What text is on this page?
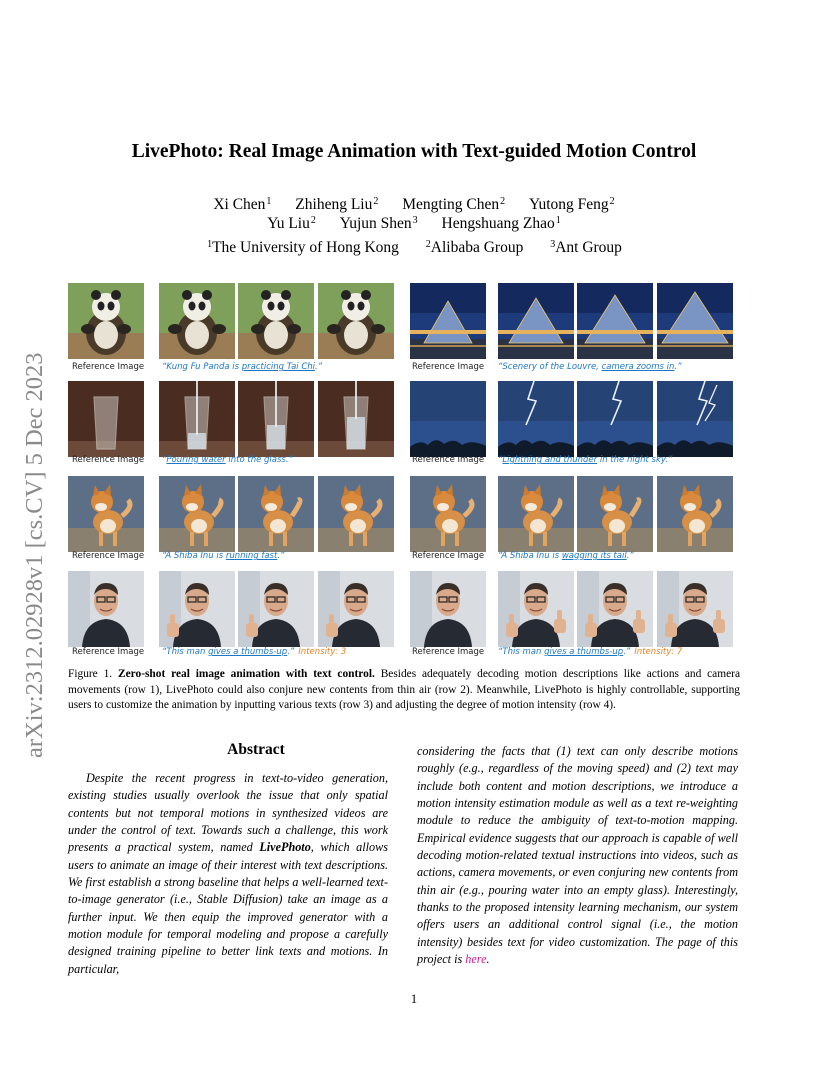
arXiv:2312.02928v1 [cs.CV] 5 Dec 2023
LivePhoto: Real Image Animation with Text-guided Motion Control
Xi Chen$^1$ Zhiheng Liu$^2$ Mengting Chen$^2$ Yutong Feng$^2$
Yu Liu$^2$ Yujun Shen$^3$ Hengshuang Zhao$^1$
$^1$The University of Hong Kong	$^2$Alibaba Group	$^3$Ant Group
Reference Image	Reference Image
“Kung Fu Panda is practicing Tai Chi.”	“Scenery of the Louvre, camera zooms in.”
Reference Image	Reference Image
“Pouring water into the glass.”	“Lightning and thunder in the night sky.”
Reference Image	Reference Image
“A Shiba Inu is running fast.”	“A Shiba Inu is wagging its tail.”
Reference Image	Reference Image
“This man gives a thumbs-up.” Intensity: 3	“This man gives a thumbs-up.” Intensity: 7
Figure 1. Zero-shot real image animation with text control. Besides adequately decoding motion descriptions like actions and camera movements (row 1), LivePhoto could also conjure new contents from thin air (row 2). Meanwhile, LivePhoto is highly controllable, supporting users to customize the animation by inputting various texts (row 3) and adjusting the degree of motion intensity (row 4).
Abstract
Despite the recent progress in text-to-video generation, existing studies usually overlook the issue that only spatial contents but not temporal motions in synthesized videos are under the control of text. Towards such a challenge, this work presents a practical system, named LivePhoto, which allows users to animate an image of their interest with text descriptions. We first establish a strong baseline that helps a well-learned text-to-image generator (i.e., Stable Diffusion) take an image as a further input. We then equip the improved generator with a motion module for temporal modeling and propose a carefully designed training pipeline to better link texts and motions. In particular,
considering the facts that (1) text can only describe motions roughly (e.g., regardless of the moving speed) and (2) text may include both content and motion descriptions, we introduce a motion intensity estimation module as well as a text re-weighting module to reduce the ambiguity of text-to-motion mapping. Empirical evidence suggests that our approach is capable of well decoding motion-related textual instructions into videos, such as actions, camera movements, or even conjuring new contents from thin air (e.g., pouring water into an empty glass). Interestingly, thanks to the proposed intensity learning mechanism, our system offers users an additional control signal (i.e., the motion intensity) besides text for video customization. The page of this project is here.
1
